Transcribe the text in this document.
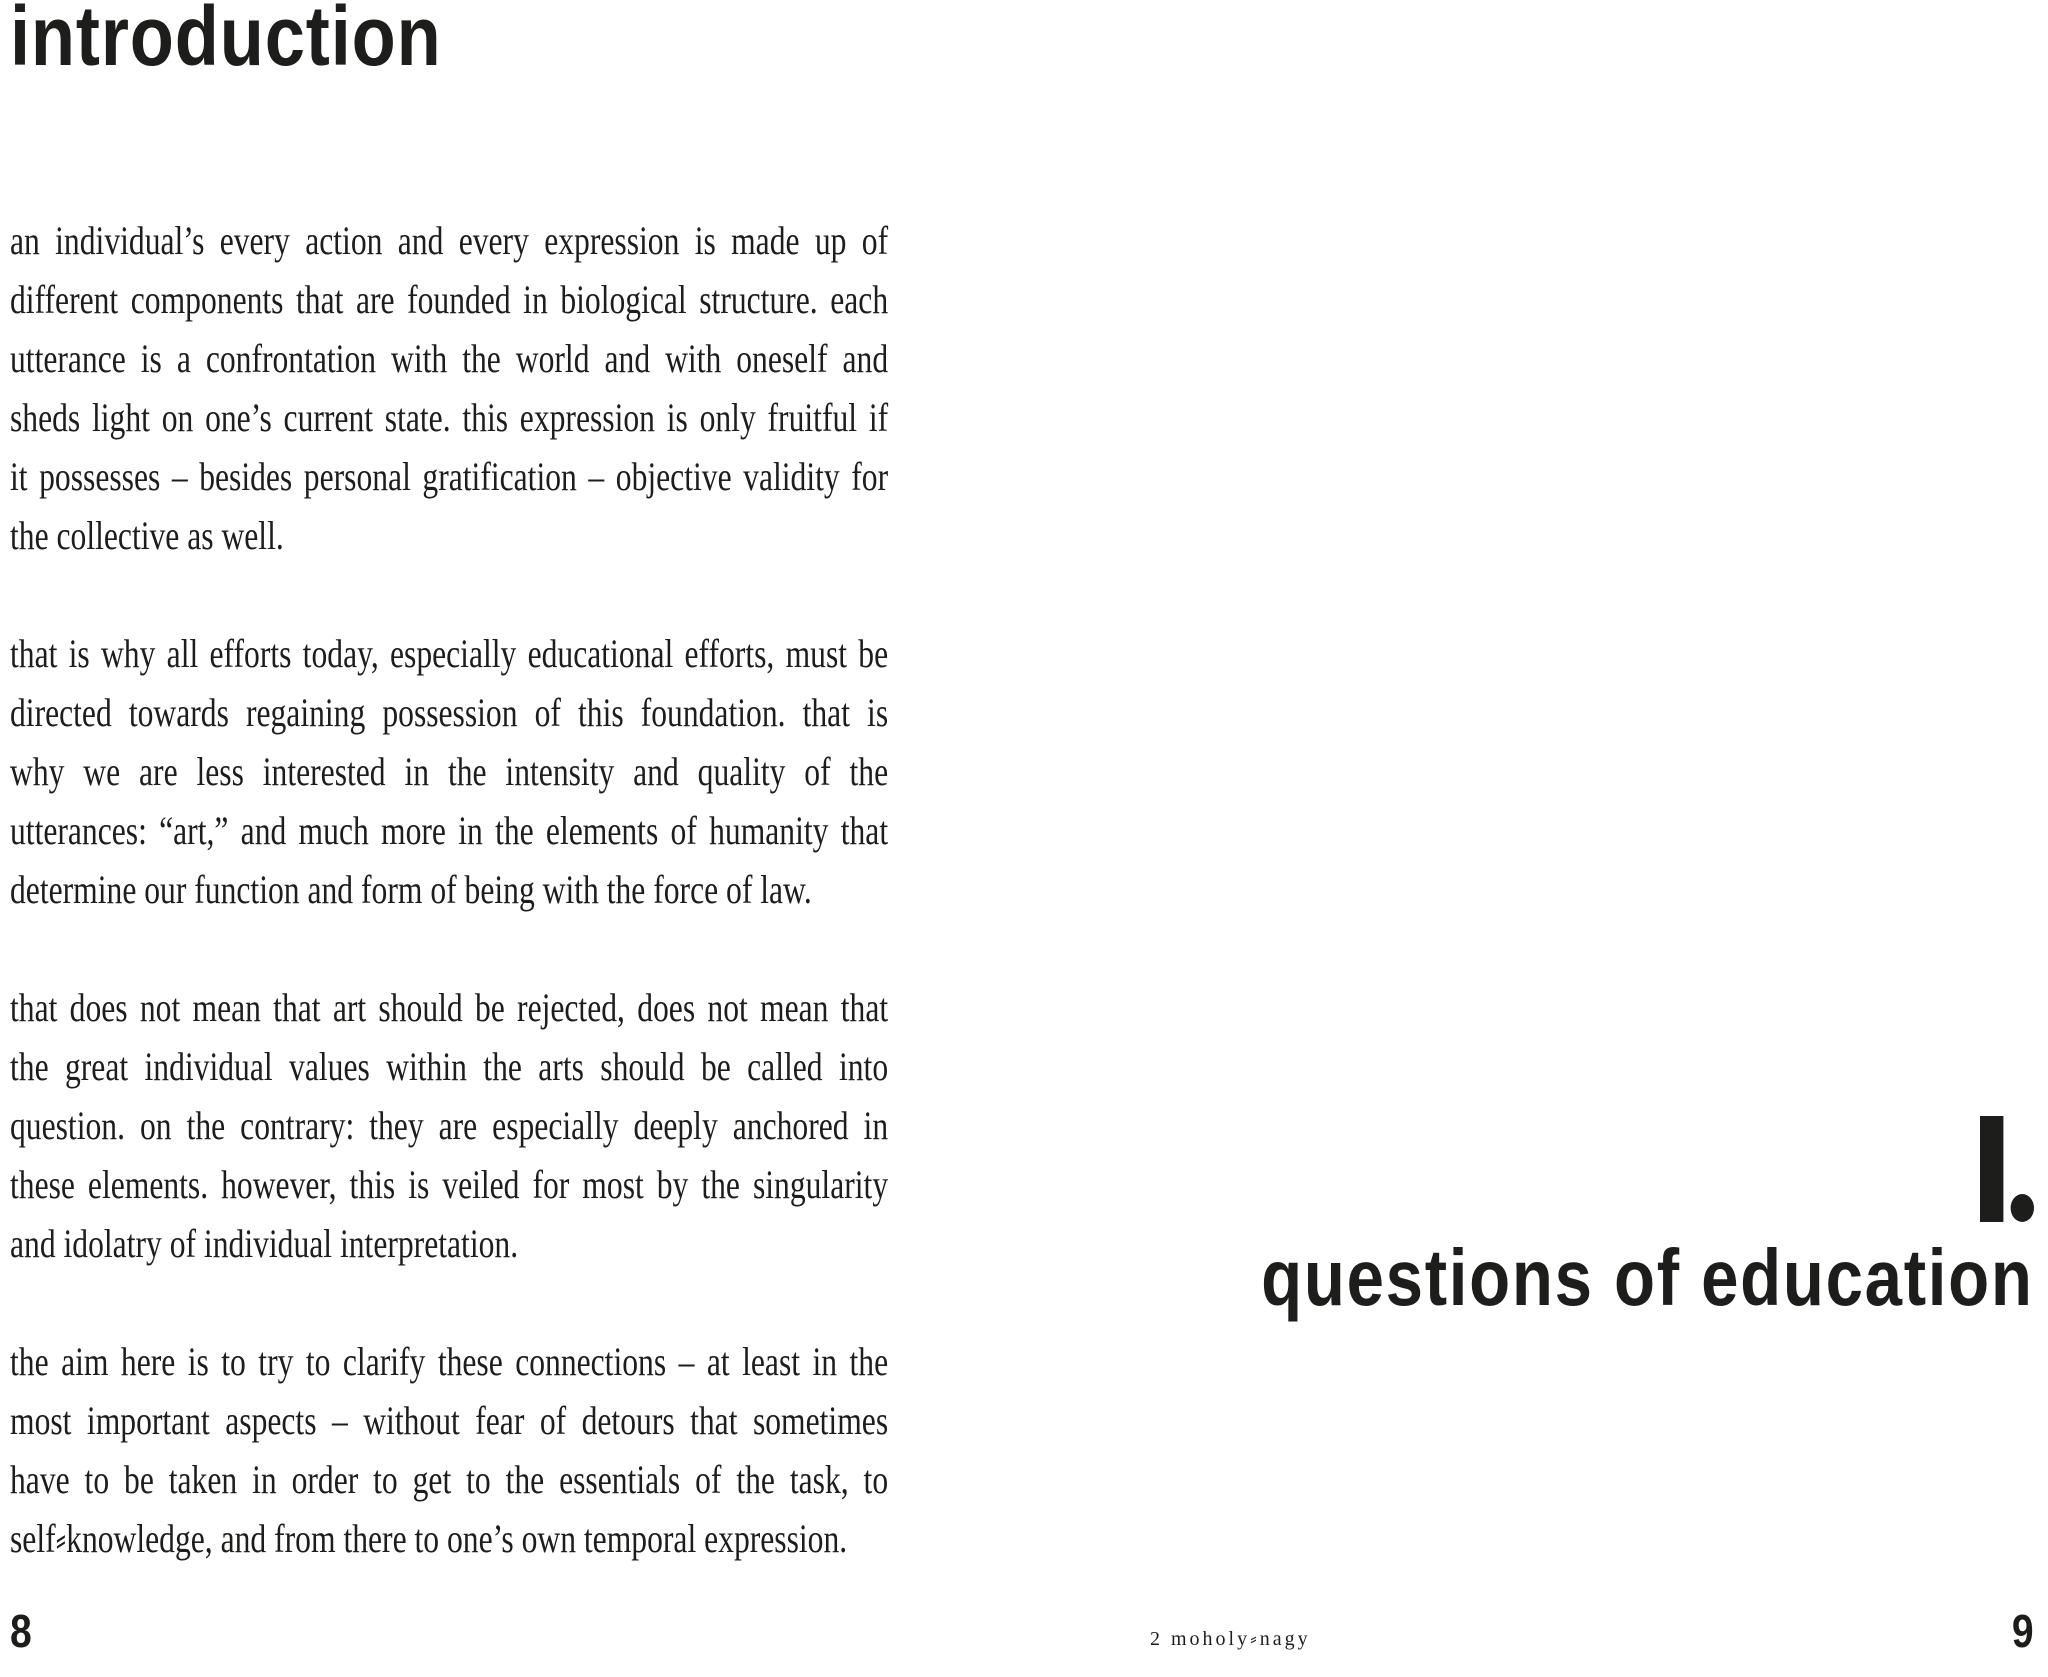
introduction

an individual’s every action and every expression is made up of
different components that are founded in biological structure. each
utterance is a confrontation with the world and with oneself and
sheds light on one’s current state. this expression is only fruitful if
it possesses – besides personal gratification – objective validity for
the collective as well.

that is why all efforts today, especially educational efforts, must be
directed towards regaining possession of this foundation. that is
why we are less interested in the intensity and quality of the
utterances: “art,” and much more in the elements of humanity that
determine our function and form of being with the force of law.

that does not mean that art should be rejected, does not mean that
the great individual values within the arts should be called into
question. on the contrary: they are especially deeply anchored in
these elements. however, this is veiled for most by the singularity
and idolatry of individual interpretation.

the aim here is to try to clarify these connections – at least in the
most important aspects – without fear of detours that sometimes
have to be taken in order to get to the essentials of the task, to
self⸗knowledge, and from there to one’s own temporal expression.

8	2 moholy⸗nagy
questions of education
9
